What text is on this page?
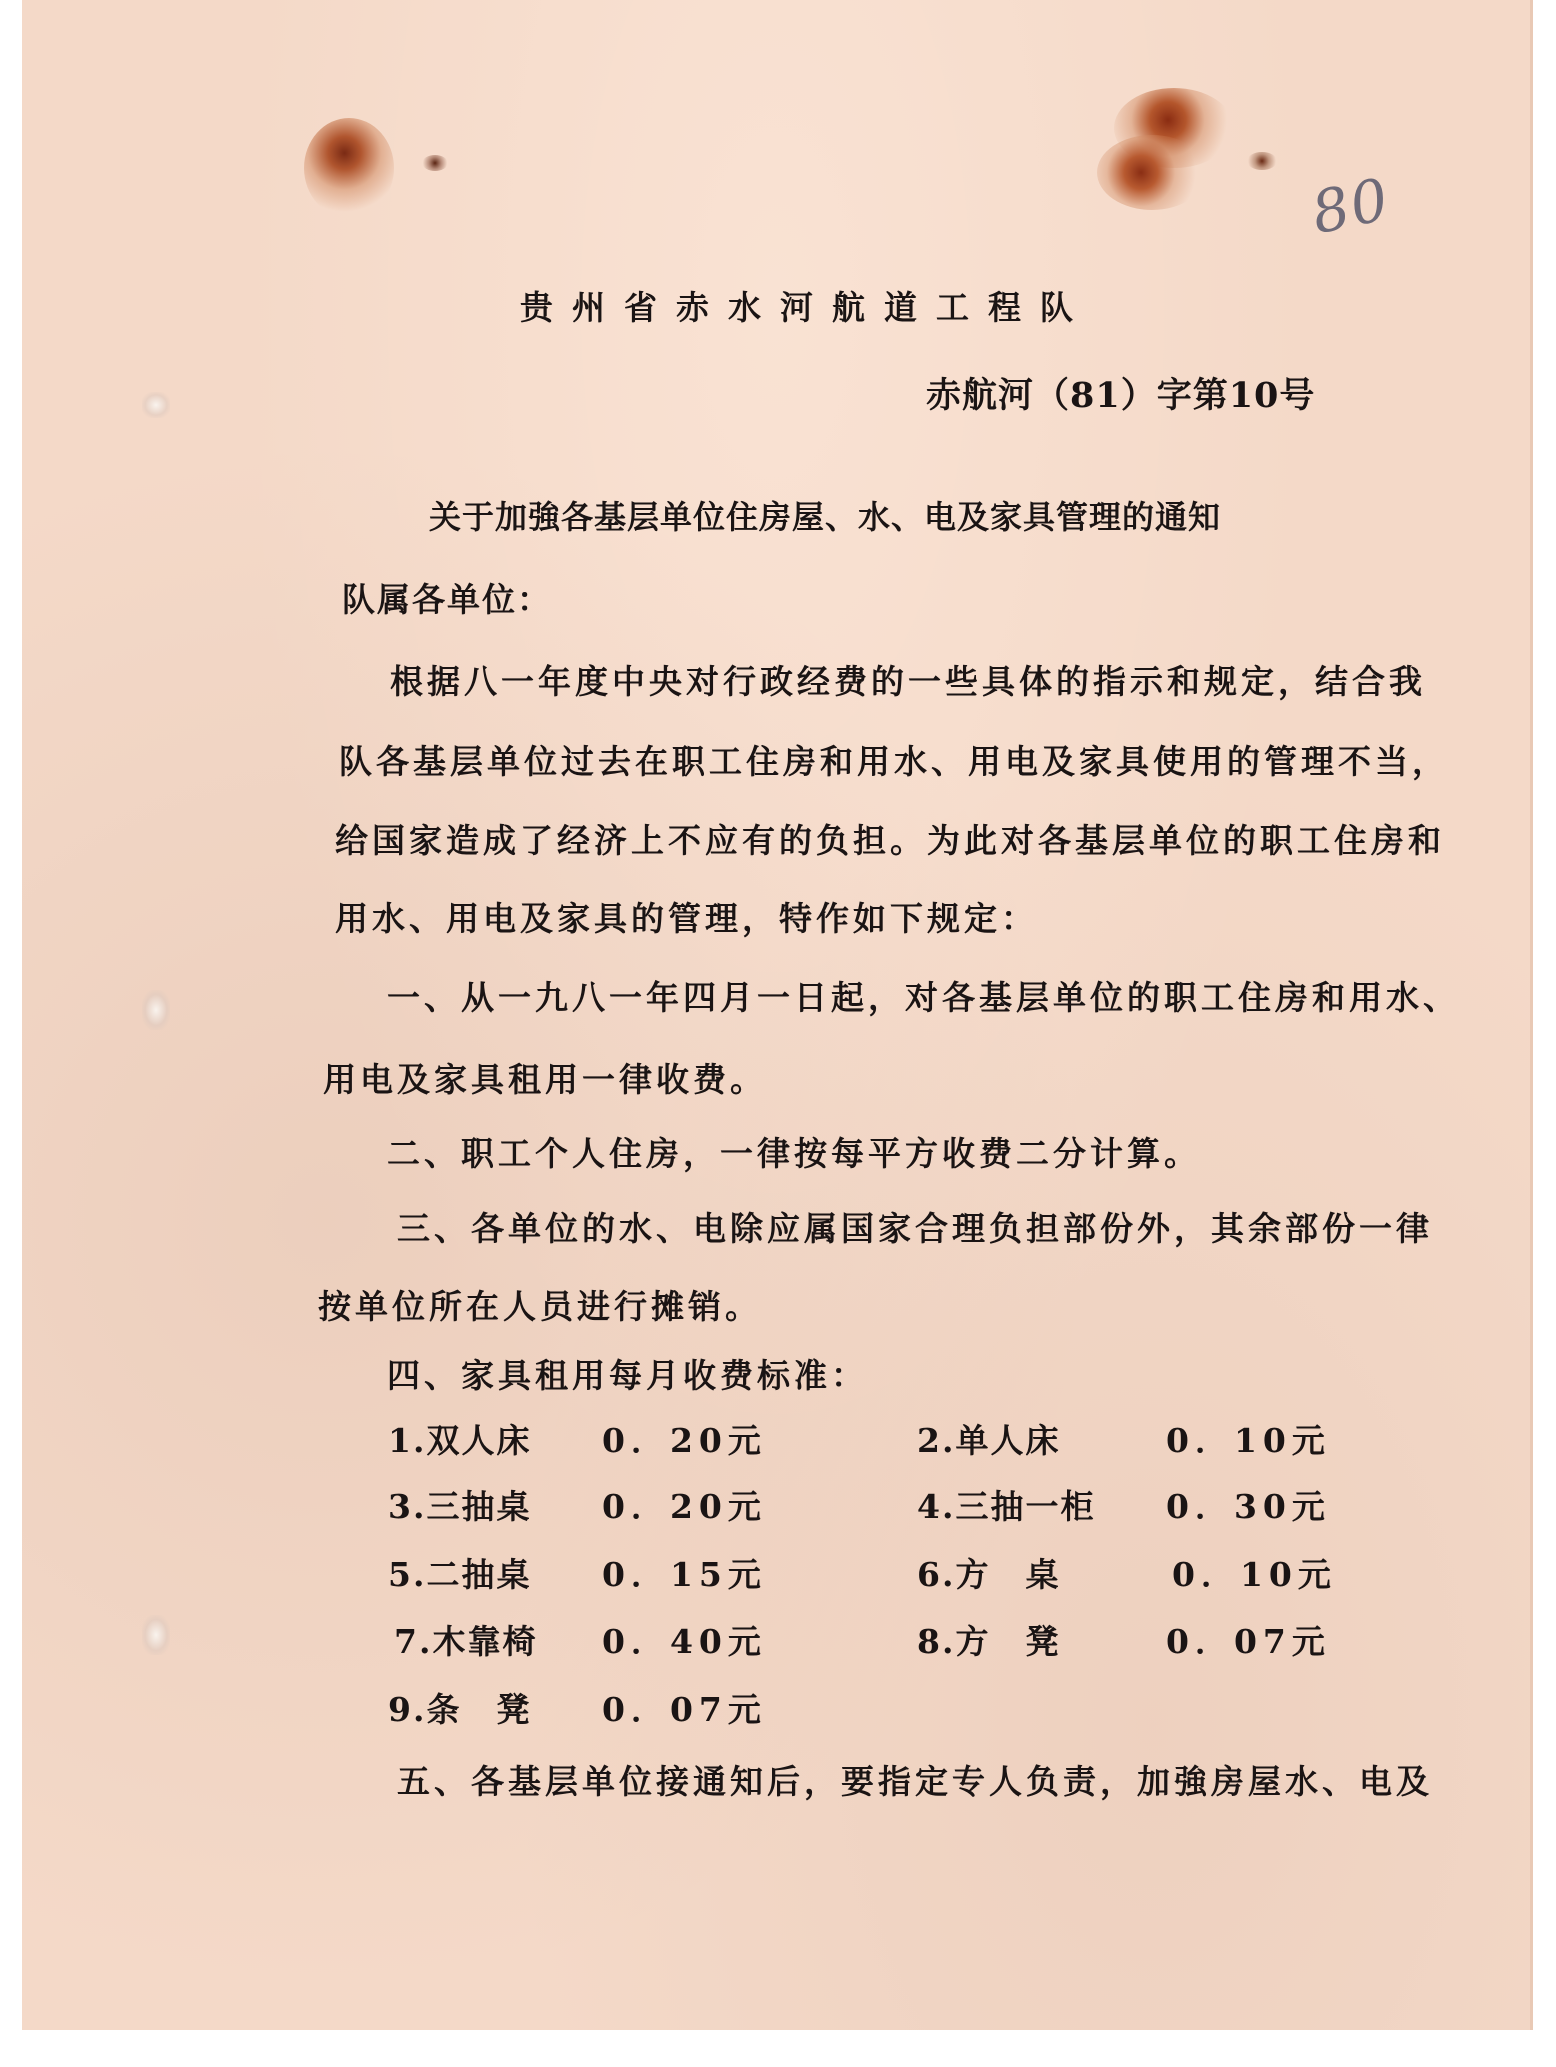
80
贵州省赤水河航道工程队
赤航河（81）字第10号
关于加強各基层单位住房屋、水、电及家具管理的通知
队属各单位：
根据八一年度中央对行政经费的一些具体的指示和规定，结合我
队各基层单位过去在职工住房和用水、用电及家具使用的管理不当，
给国家造成了经济上不应有的负担。为此对各基层单位的职工住房和
用水、用电及家具的管理，特作如下规定：
一、从一九八一年四月一日起，对各基层单位的职工住房和用水、
用电及家具租用一律收费。
二、职工个人住房，一律按每平方收费二分计算。
三、各单位的水、电除应属国家合理负担部份外，其余部份一律
按单位所在人员进行摊销。
四、家具租用每月收费标准：
1.双人床 0．20元	2.单人床	0．10元
3.三抽桌 0．20元	4.三抽一柜 0．30元
5.二抽桌 0．15元	6.方　桌	0．10元
7.木靠椅 0．40元	8.方　凳	0．07元
9.条　凳 0．07元
五、各基层单位接通知后，要指定专人负责，加強房屋水、电及
